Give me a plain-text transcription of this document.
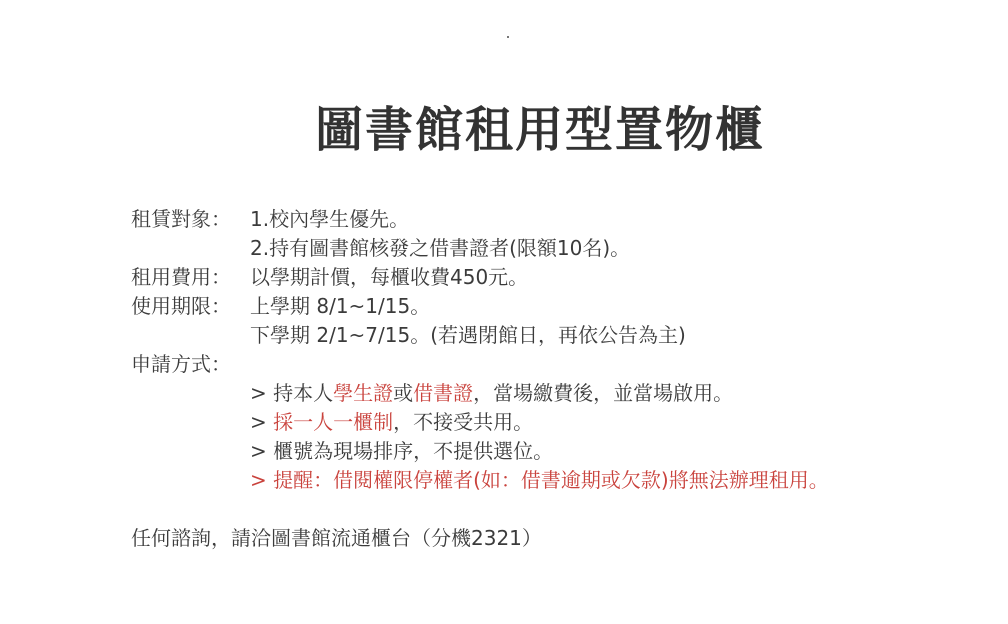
圖書館租用型置物櫃
租賃對象： 1.校內學生優先。
2.持有圖書館核發之借書證者(限額10名)。
租用費用： 以學期計價，每櫃收費450元。
使用期限： 上學期 8/1~1/15。
下學期 2/1~7/15。(若遇閉館日，再依公告為主)
申請方式：
> 持本人學生證或借書證，當場繳費後，並當場啟用。
> 採一人一櫃制，不接受共用。
> 櫃號為現場排序，不提供選位。
> 提醒：借閱權限停權者(如：借書逾期或欠款)將無法辦理租用。
任何諮詢，請洽圖書館流通櫃台（分機2321）
